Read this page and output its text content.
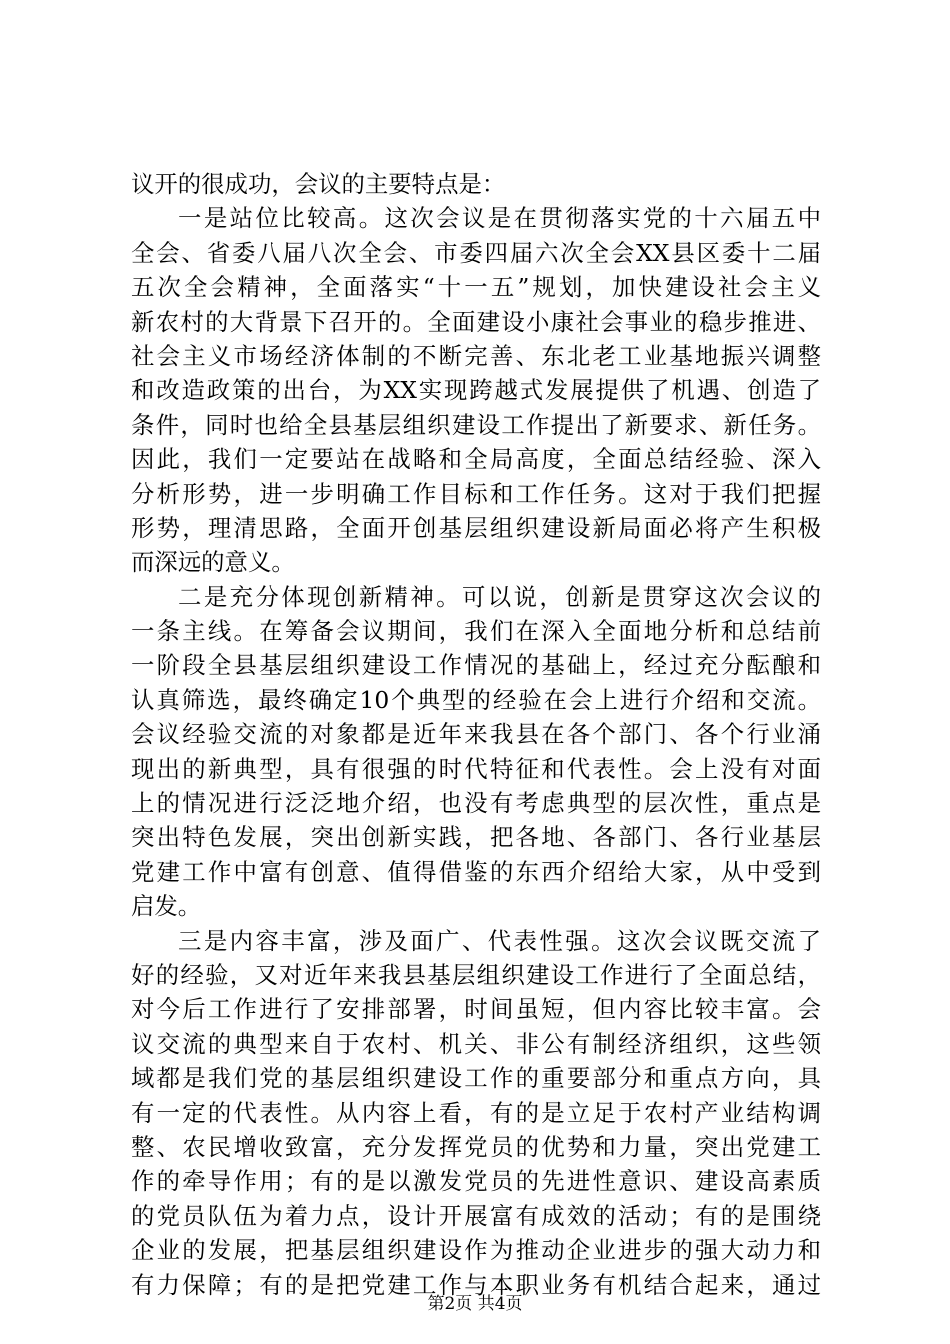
议开的很成功，会议的主要特点是：
一是站位比较高。这次会议是在贯彻落实党的十六届五中
全会、省委八届八次全会、市委四届六次全会XX县区委十二届
五次全会精神，全面落实“十一五”规划，加快建设社会主义
新农村的大背景下召开的。全面建设小康社会事业的稳步推进、
社会主义市场经济体制的不断完善、东北老工业基地振兴调整
和改造政策的出台，为XX实现跨越式发展提供了机遇、创造了
条件，同时也给全县基层组织建设工作提出了新要求、新任务。
因此，我们一定要站在战略和全局高度，全面总结经验、深入
分析形势，进一步明确工作目标和工作任务。这对于我们把握
形势，理清思路，全面开创基层组织建设新局面必将产生积极
而深远的意义。
二是充分体现创新精神。可以说，创新是贯穿这次会议的
一条主线。在筹备会议期间，我们在深入全面地分析和总结前
一阶段全县基层组织建设工作情况的基础上，经过充分酝酿和
认真筛选，最终确定10个典型的经验在会上进行介绍和交流。
会议经验交流的对象都是近年来我县在各个部门、各个行业涌
现出的新典型，具有很强的时代特征和代表性。会上没有对面
上的情况进行泛泛地介绍，也没有考虑典型的层次性，重点是
突出特色发展，突出创新实践，把各地、各部门、各行业基层
党建工作中富有创意、值得借鉴的东西介绍给大家，从中受到
启发。
三是内容丰富，涉及面广、代表性强。这次会议既交流了
好的经验，又对近年来我县基层组织建设工作进行了全面总结，
对今后工作进行了安排部署，时间虽短，但内容比较丰富。会
议交流的典型来自于农村、机关、非公有制经济组织，这些领
域都是我们党的基层组织建设工作的重要部分和重点方向，具
有一定的代表性。从内容上看，有的是立足于农村产业结构调
整、农民增收致富，充分发挥党员的优势和力量，突出党建工
作的牵导作用；有的是以激发党员的先进性意识、建设高素质
的党员队伍为着力点，设计开展富有成效的活动；有的是围绕
企业的发展，把基层组织建设作为推动企业进步的强大动力和
有力保障；有的是把党建工作与本职业务有机结合起来，通过
第2页 共4页
